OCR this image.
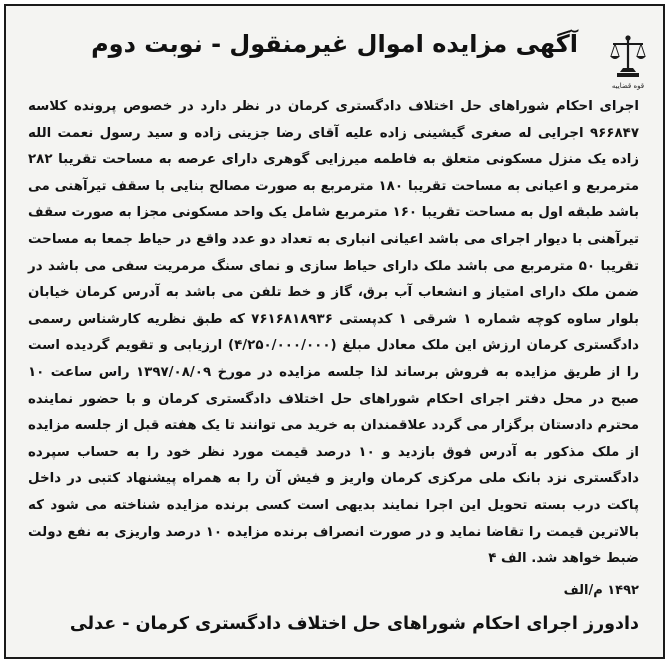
قوه قضاییه
آگهی مزایده اموال غیرمنقول - نوبت دوم
اجرای احکام شوراهای حل اختلاف دادگستری کرمان در نظر دارد در خصوص پرونده کلاسه ۹۶۶۸۴۷ اجرایی له صغری گیشینی زاده علیه آقای رضا جزینی زاده و سید رسول نعمت الله زاده یک منزل مسکونی متعلق به فاطمه میرزایی گوهری دارای عرصه به مساحت تقریبا ۲۸۲ مترمربع و اعیانی به مساحت تقریبا ۱۸۰ مترمربع به صورت مصالح بنایی با سقف تیرآهنی می باشد طبقه اول به مساحت تقریبا ۱۶۰ مترمربع شامل یک واحد مسکونی مجزا به صورت سقف تیرآهنی با دیوار اجرای می باشد اعیانی انباری به تعداد دو عدد واقع در حیاط جمعا به مساحت تقریبا ۵۰ مترمربع می باشد ملک دارای حیاط سازی و نمای سنگ مرمریت سفی می باشد در ضمن ملک دارای امتیاز و انشعاب آب برق، گاز و خط تلفن می باشد به آدرس کرمان خیابان بلوار ساوه کوچه شماره ۱ شرقی ۱ کدپستی ۷۶۱۶۸۱۸۹۳۶ که طبق نظریه کارشناس رسمی دادگستری کرمان ارزش این ملک معادل مبلغ (۴/۲۵۰/۰۰۰/۰۰۰) ارزیابی و تقویم گردیده است را از طریق مزایده به فروش برساند لذا جلسه مزایده در مورخ ۱۳۹۷/۰۸/۰۹ راس ساعت ۱۰ صبح در محل دفتر اجرای احکام شوراهای حل اختلاف دادگستری کرمان و با حضور نماینده محترم دادستان برگزار می گردد علاقمندان به خرید می توانند تا یک هفته قبل از جلسه مزایده از ملک مذکور به آدرس فوق بازدید و ۱۰ درصد قیمت مورد نظر خود را به حساب سپرده دادگستری نزد بانک ملی مرکزی کرمان واریز و فیش آن را به همراه پیشنهاد کتبی در داخل پاکت درب بسته تحویل این اجرا نمایند بدیهی است کسی برنده مزایده شناخته می شود که بالاترین قیمت را تقاضا نماید و در صورت انصراف برنده مزایده ۱۰ درصد واریزی به نفع دولت ضبط خواهد شد. الف ۴
۱۴۹۲ م/الف
دادورز اجرای احکام شوراهای حل اختلاف دادگستری کرمان - عدلی
